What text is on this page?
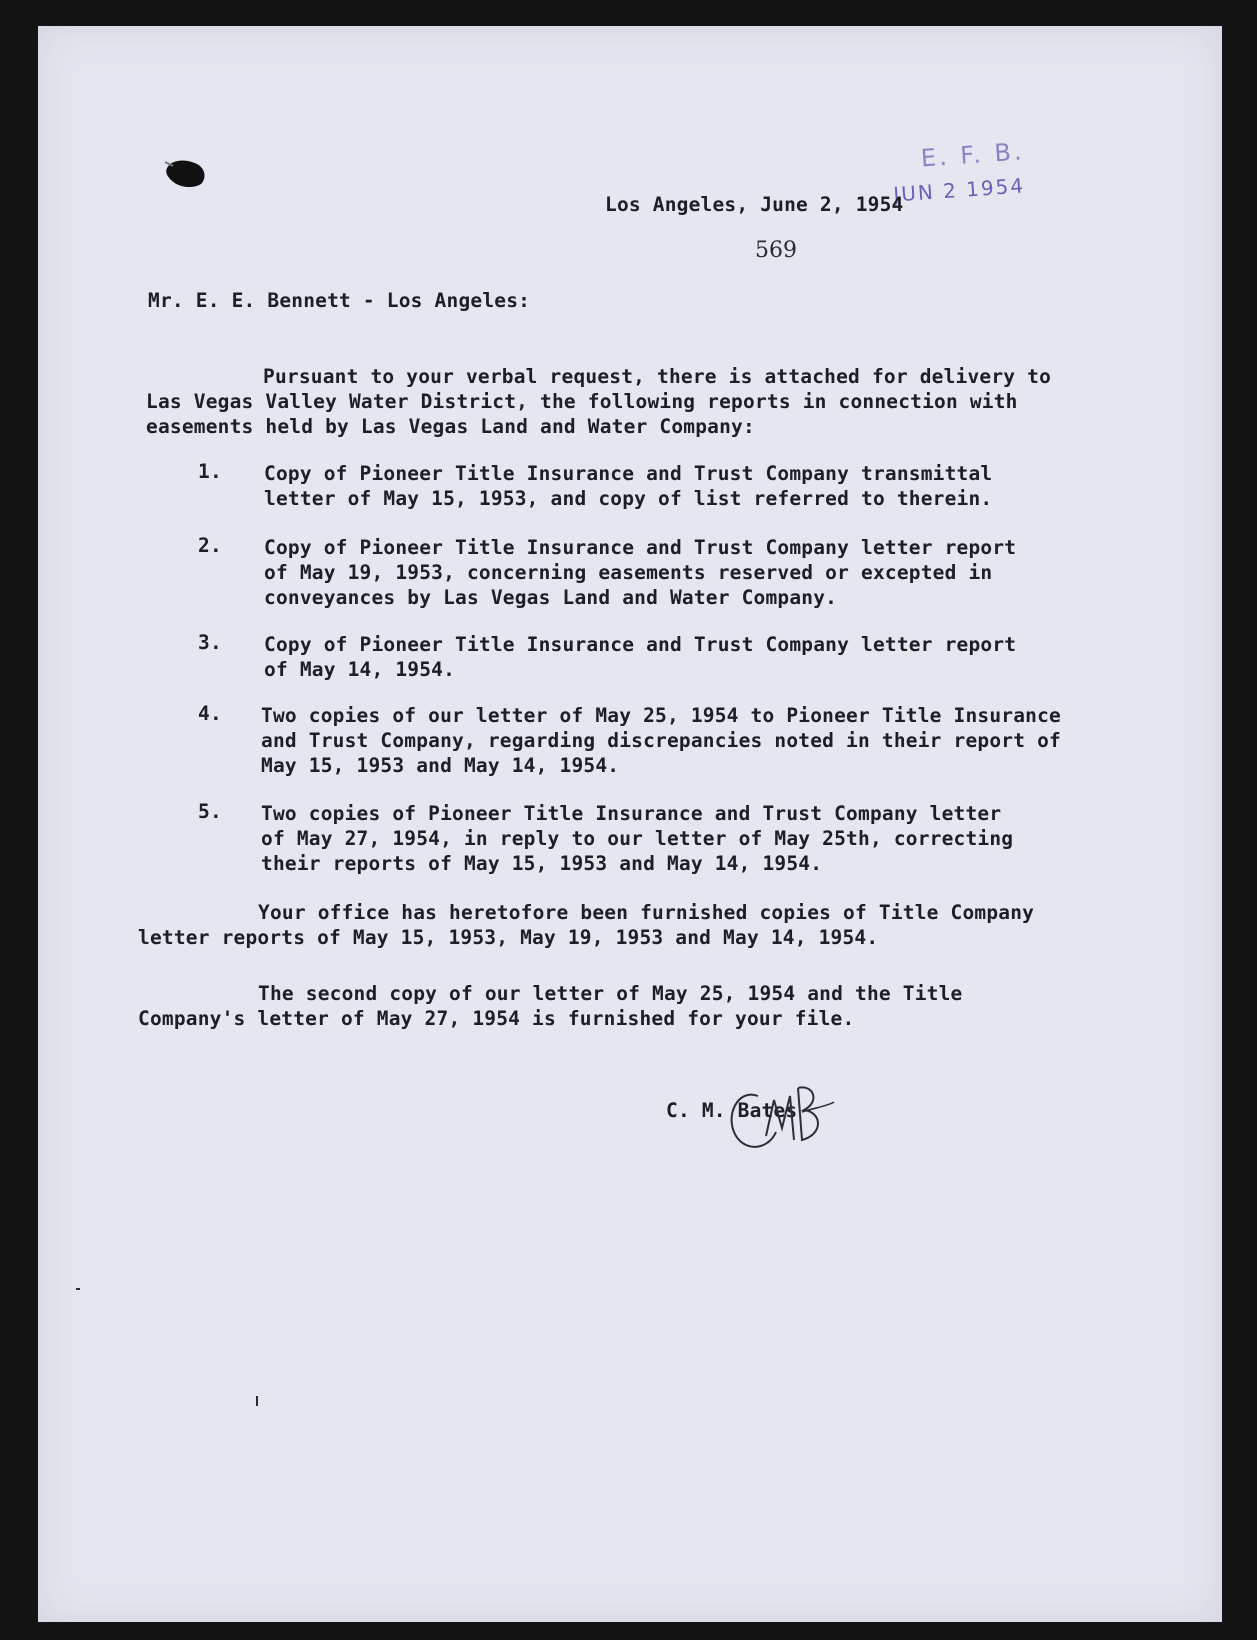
E. F. B.
JUN 2 1954
Los Angeles, June 2, 1954
569
Mr. E. E. Bennett - Los Angeles:
Pursuant to your verbal request, there is attached for delivery to
Las Vegas Valley Water District, the following reports in connection with
easements held by Las Vegas Land and Water Company:
1. Copy of Pioneer Title Insurance and Trust Company transmittal
letter of May 15, 1953, and copy of list referred to therein.
2. Copy of Pioneer Title Insurance and Trust Company letter report
of May 19, 1953, concerning easements reserved or excepted in
conveyances by Las Vegas Land and Water Company.
3. Copy of Pioneer Title Insurance and Trust Company letter report
of May 14, 1954.
4. Two copies of our letter of May 25, 1954 to Pioneer Title Insurance
and Trust Company, regarding discrepancies noted in their report of
May 15, 1953 and May 14, 1954.
5. Two copies of Pioneer Title Insurance and Trust Company letter
of May 27, 1954, in reply to our letter of May 25th, correcting
their reports of May 15, 1953 and May 14, 1954.
Your office has heretofore been furnished copies of Title Company
letter reports of May 15, 1953, May 19, 1953 and May 14, 1954.
The second copy of our letter of May 25, 1954 and the Title
Company's letter of May 27, 1954 is furnished for your file.
C. M. Bates
